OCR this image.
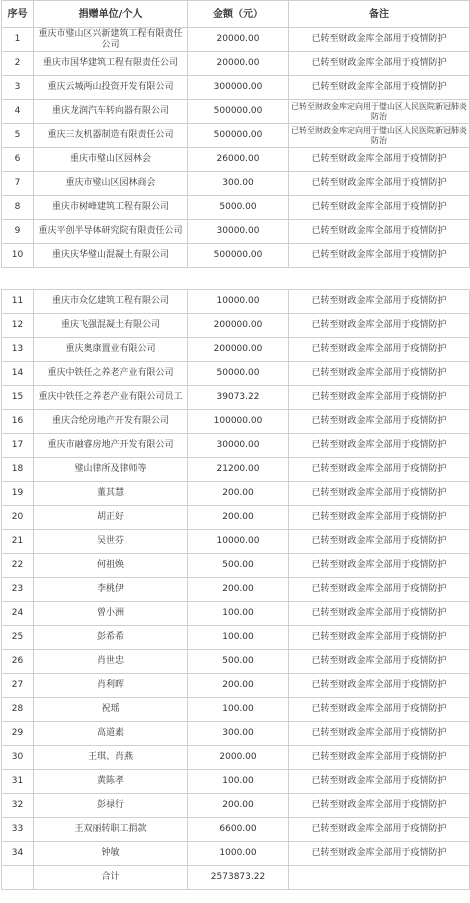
序号	捐赠单位/个人	金额（元）	备注
1	重庆市璧山区兴新建筑工程有限责任公司	20000.00	已转至财政金库全部用于疫情防护
2	重庆市国华建筑工程有限责任公司	20000.00	已转至财政金库全部用于疫情防护
3	重庆云城两山投资开发有限公司	300000.00	已转至财政金库全部用于疫情防护
4	重庆龙润汽车转向器有限公司	500000.00	已转至财政金库定向用于璧山区人民医院新冠肺炎防治
5	重庆三友机器制造有限责任公司	500000.00	已转至财政金库定向用于璧山区人民医院新冠肺炎防治
6	重庆市璧山区园林会	26000.00	已转至财政金库全部用于疫情防护
7	重庆市璧山区园林商会	300.00	已转至财政金库全部用于疫情防护
8	重庆市树峰建筑工程有限公司	5000.00	已转至财政金库全部用于疫情防护
9	重庆平创半导体研究院有限责任公司	30000.00	已转至财政金库全部用于疫情防护
10	重庆庆华璧山混凝土有限公司	500000.00	已转至财政金库全部用于疫情防护
11	重庆市众亿建筑工程有限公司	10000.00	已转至财政金库全部用于疫情防护
12	重庆飞强混凝土有限公司	200000.00	已转至财政金库全部用于疫情防护
13	重庆奥康置业有限公司	200000.00	已转至财政金库全部用于疫情防护
14	重庆中铁任之养老产业有限公司	50000.00	已转至财政金库全部用于疫情防护
15	重庆中铁任之养老产业有限公司员工	39073.22	已转至财政金库全部用于疫情防护
16	重庆合纶房地产开发有限公司	100000.00	已转至财政金库全部用于疫情防护
17	重庆市融睿房地产开发有限公司	30000.00	已转至财政金库全部用于疫情防护
18	璧山律所及律师等	21200.00	已转至财政金库全部用于疫情防护
19	董其慧	200.00	已转至财政金库全部用于疫情防护
20	胡正好	200.00	已转至财政金库全部用于疫情防护
21	吴世芬	10000.00	已转至财政金库全部用于疫情防护
22	何祖焕	500.00	已转至财政金库全部用于疫情防护
23	李桃伊	200.00	已转至财政金库全部用于疫情防护
24	曾小洲	100.00	已转至财政金库全部用于疫情防护
25	彭希希	100.00	已转至财政金库全部用于疫情防护
26	肖世忠	500.00	已转至财政金库全部用于疫情防护
27	肖利晖	200.00	已转至财政金库全部用于疫情防护
28	祝瑶	100.00	已转至财政金库全部用于疫情防护
29	高道素	300.00	已转至财政金库全部用于疫情防护
30	王琪、肖燕	2000.00	已转至财政金库全部用于疫情防护
31	黄陈孝	100.00	已转至财政金库全部用于疫情防护
32	彭禄行	200.00	已转至财政金库全部用于疫情防护
33	王双丽转职工捐款	6600.00	已转至财政金库全部用于疫情防护
34	钟敏	1000.00	已转至财政金库全部用于疫情防护
	合计	2573873.22	
